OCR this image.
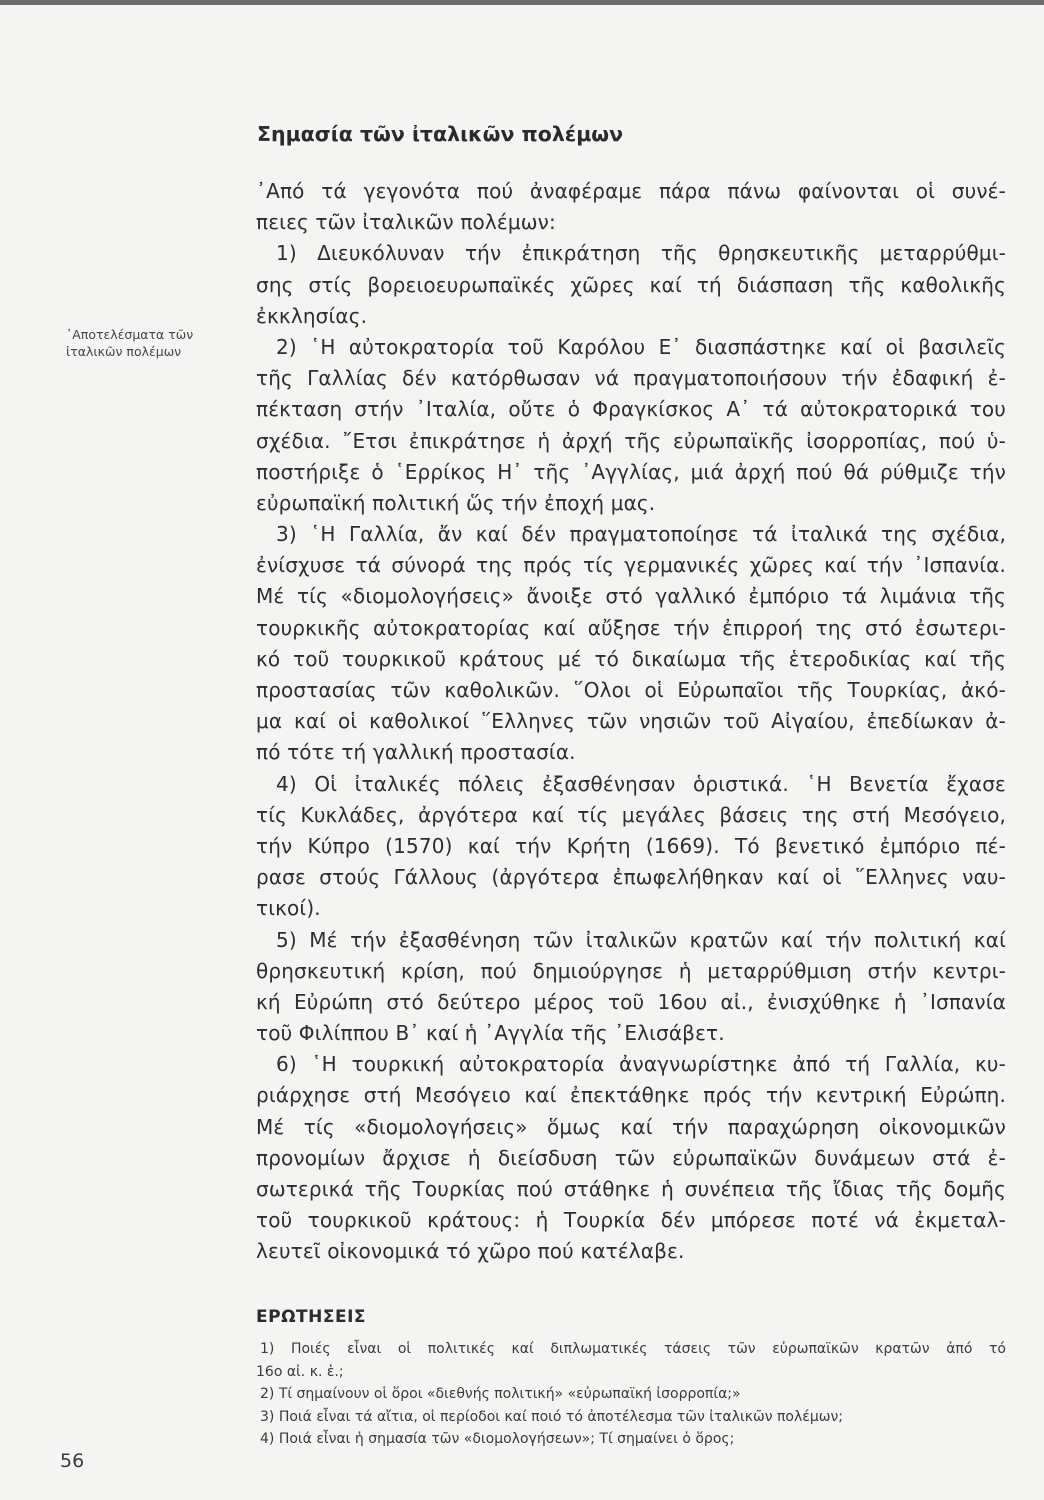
Σημασία τῶν ἰταλικῶν πολέμων
᾽Αποτελέσματα τῶν
ἰταλικῶν πολέμων
᾽Από τά γεγονότα πού ἀναφέραμε πάρα πάνω φαίνονται οἱ συνέ-
πειες τῶν ἰταλικῶν πολέμων:
1) Διευκόλυναν τήν ἐπικράτηση τῆς θρησκευτικῆς μεταρρύθμι-
σης στίς βορειοευρωπαϊκές χῶρες καί τή διάσπαση τῆς καθολικῆς
ἐκκλησίας.
2) ῾Η αὐτοκρατορία τοῦ Καρόλου Ε᾽ διασπάστηκε καί οἱ βασιλεῖς
τῆς Γαλλίας δέν κατόρθωσαν νά πραγματοποιήσουν τήν ἐδαφική ἐ-
πέκταση στήν ᾽Ιταλία, οὔτε ὁ Φραγκίσκος Α᾽ τά αὐτοκρατορικά του
σχέδια. ῎Ετσι ἐπικράτησε ἡ ἀρχή τῆς εὐρωπαϊκῆς ἰσορροπίας, πού ὑ-
ποστήριξε ὁ ῾Ερρίκος Η᾽ τῆς ᾽Αγγλίας, μιά ἀρχή πού θά ρύθμιζε τήν
εὐρωπαϊκή πολιτική ὥς τήν ἐποχή μας.
3) ῾Η Γαλλία, ἄν καί δέν πραγματοποίησε τά ἰταλικά της σχέδια,
ἐνίσχυσε τά σύνορά της πρός τίς γερμανικές χῶρες καί τήν ᾽Ισπανία.
Μέ τίς «διομολογήσεις» ἄνοιξε στό γαλλικό ἐμπόριο τά λιμάνια τῆς
τουρκικῆς αὐτοκρατορίας καί αὔξησε τήν ἐπιρροή της στό ἐσωτερι-
κό τοῦ τουρκικοῦ κράτους μέ τό δικαίωμα τῆς ἑτεροδικίας καί τῆς
προστασίας τῶν καθολικῶν. ῞Ολοι οἱ Εὐρωπαῖοι τῆς Τουρκίας, ἀκό-
μα καί οἱ καθολικοί ῞Ελληνες τῶν νησιῶν τοῦ Αἰγαίου, ἐπεδίωκαν ἀ-
πό τότε τή γαλλική προστασία.
4) Οἱ ἰταλικές πόλεις ἐξασθένησαν ὁριστικά. ῾Η Βενετία ἔχασε
τίς Κυκλάδες, ἀργότερα καί τίς μεγάλες βάσεις της στή Μεσόγειο,
τήν Κύπρο (1570) καί τήν Κρήτη (1669). Τό βενετικό ἐμπόριο πέ-
ρασε στούς Γάλλους (ἀργότερα ἐπωφελήθηκαν καί οἱ ῞Ελληνες ναυ-
τικοί).
5) Μέ τήν ἐξασθένηση τῶν ἰταλικῶν κρατῶν καί τήν πολιτική καί
θρησκευτική κρίση, πού δημιούργησε ἡ μεταρρύθμιση στήν κεντρι-
κή Εὐρώπη στό δεύτερο μέρος τοῦ 16ου αἰ., ἐνισχύθηκε ἡ ᾽Ισπανία
τοῦ Φιλίππου Β᾽ καί ἡ ᾽Αγγλία τῆς ᾽Ελισάβετ.
6) ῾Η τουρκική αὐτοκρατορία ἀναγνωρίστηκε ἀπό τή Γαλλία, κυ-
ριάρχησε στή Μεσόγειο καί ἐπεκτάθηκε πρός τήν κεντρική Εὐρώπη.
Μέ τίς «διομολογήσεις» ὅμως καί τήν παραχώρηση οἰκονομικῶν
προνομίων ἄρχισε ἡ διείσδυση τῶν εὐρωπαϊκῶν δυνάμεων στά ἐ-
σωτερικά τῆς Τουρκίας πού στάθηκε ἡ συνέπεια τῆς ἴδιας τῆς δομῆς
τοῦ τουρκικοῦ κράτους: ἡ Τουρκία δέν μπόρεσε ποτέ νά ἐκμεταλ-
λευτεῖ οἰκονομικά τό χῶρο πού κατέλαβε.
ΕΡΩΤΗΣΕΙΣ
1) Ποιές εἶναι οἱ πολιτικές καί διπλωματικές τάσεις τῶν εὐρωπαϊκῶν κρατῶν ἀπό τό
16ο αἰ. κ. ἑ.;
2) Τί σημαίνουν οἱ ὅροι «διεθνής πολιτική» «εὐρωπαϊκή ἰσορροπία;»
3) Ποιά εἶναι τά αἴτια, οἱ περίοδοι καί ποιό τό ἀποτέλεσμα τῶν ἰταλικῶν πολέμων;
4) Ποιά εἶναι ἡ σημασία τῶν «διομολογήσεων»; Τί σημαίνει ὁ ὅρος;
56
